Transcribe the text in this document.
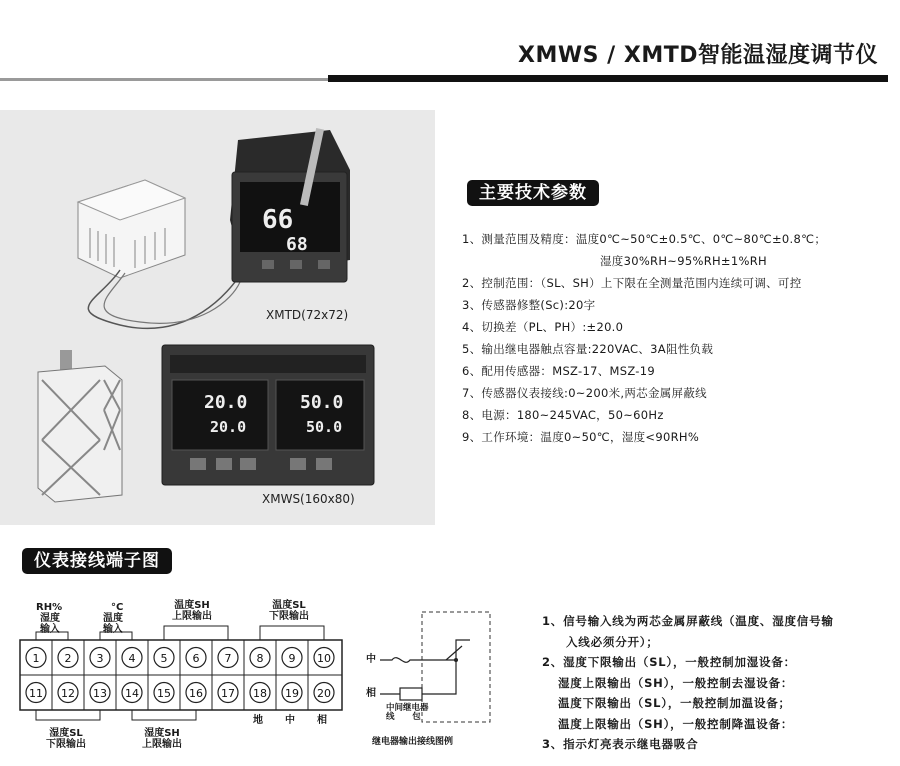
XMWS / XMTD智能温湿度调节仪
66
68
20.0
20.0
50.0
50.0
XMTD(72x72)
XMWS(160x80)
主要技术参数
1、测量范围及精度：温度0℃~50℃±0.5℃、0℃~80℃±0.8℃；
湿度30%RH~95%RH±1%RH
2、控制范围：（SL、SH）上下限在全测量范围内连续可调、可控
3、传感器修整(Sc):20字
4、切换差（PL、PH）:±20.0
5、输出继电器触点容量:220VAC、3A阻性负载
6、配用传感器：MSZ-17、MSZ-19
7、传感器仪表接线:0~200米,两芯金属屏蔽线
8、电源：180~245VAC，50~60Hz
9、工作环境：温度0~50℃，湿度<90RH%
仪表接线端子图
1 2 3 4 5 6 7 8 9 10
11 12 13 14 15 16 17 18 19 20
RH%
湿度
输入
°C
温度
输入
温度SH
上限输出
温度SL
下限输出
湿度SL
下限输出
湿度SH
上限输出
地 中 相
中
相
中间继电器
线      包
继电器输出接线图例
1、信号输入线为两芯金属屏蔽线（温度、湿度信号输
入线必须分开）；
2、湿度下限输出（SL），一般控制加湿设备：
湿度上限输出（SH），一般控制去湿设备：
温度下限输出（SL），一般控制加温设备；
温度上限输出（SH），一般控制降温设备：
3、指示灯亮表示继电器吸合
